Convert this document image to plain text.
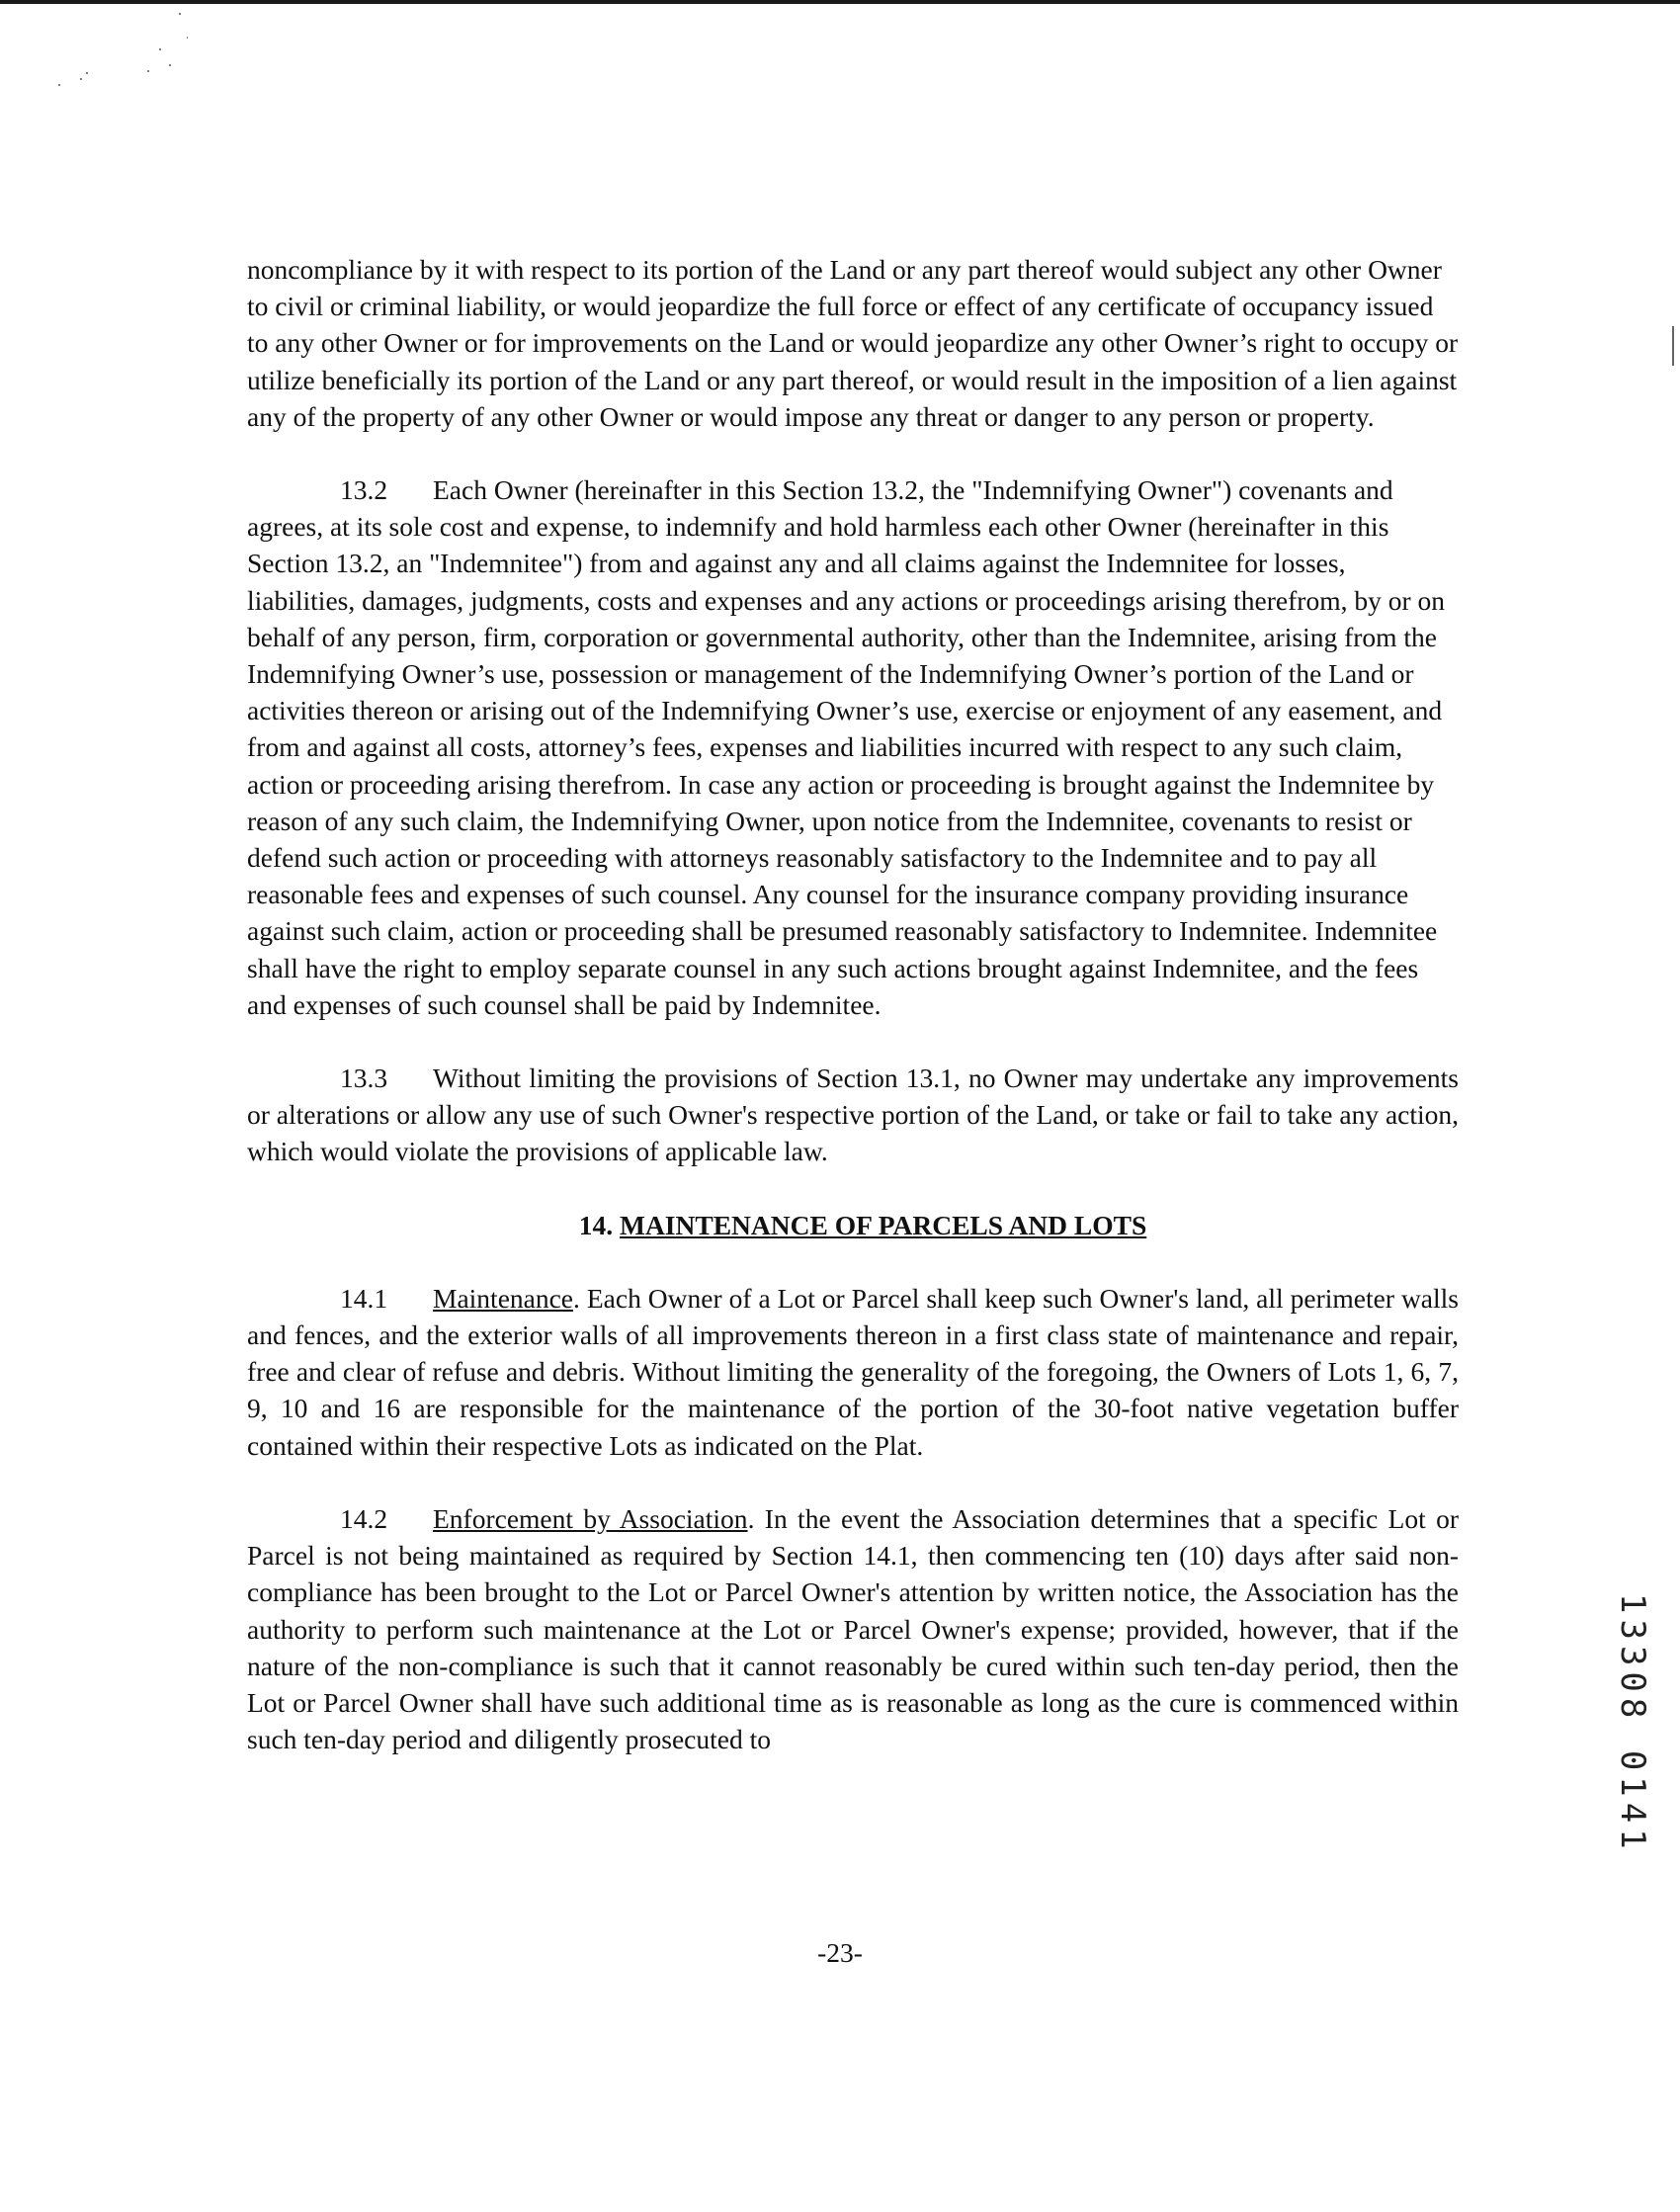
noncompliance by it with respect to its portion of the Land or any part thereof would subject any other Owner to civil or criminal liability, or would jeopardize the full force or effect of any certificate of occupancy issued to any other Owner or for improvements on the Land or would jeopardize any other Owner’s right to occupy or utilize beneficially its portion of the Land or any part thereof, or would result in the imposition of a lien against any of the property of any other Owner or would impose any threat or danger to any person or property.

13.2 Each Owner (hereinafter in this Section 13.2, the "Indemnifying Owner") covenants and agrees, at its sole cost and expense, to indemnify and hold harmless each other Owner (hereinafter in this Section 13.2, an "Indemnitee") from and against any and all claims against the Indemnitee for losses, liabilities, damages, judgments, costs and expenses and any actions or proceedings arising therefrom, by or on behalf of any person, firm, corporation or governmental authority, other than the Indemnitee, arising from the Indemnifying Owner’s use, possession or management of the Indemnifying Owner’s portion of the Land or activities thereon or arising out of the Indemnifying Owner’s use, exercise or enjoyment of any easement, and from and against all costs, attorney’s fees, expenses and liabilities incurred with respect to any such claim, action or proceeding arising therefrom. In case any action or proceeding is brought against the Indemnitee by reason of any such claim, the Indemnifying Owner, upon notice from the Indemnitee, covenants to resist or defend such action or proceeding with attorneys reasonably satisfactory to the Indemnitee and to pay all reasonable fees and expenses of such counsel. Any counsel for the insurance company providing insurance against such claim, action or proceeding shall be presumed reasonably satisfactory to Indemnitee. Indemnitee shall have the right to employ separate counsel in any such actions brought against Indemnitee, and the fees and expenses of such counsel shall be paid by Indemnitee.

13.3 Without limiting the provisions of Section 13.1, no Owner may undertake any improvements or alterations or allow any use of such Owner's respective portion of the Land, or take or fail to take any action, which would violate the provisions of applicable law.

14. MAINTENANCE OF PARCELS AND LOTS

14.1 Maintenance. Each Owner of a Lot or Parcel shall keep such Owner's land, all perimeter walls and fences, and the exterior walls of all improvements thereon in a first class state of maintenance and repair, free and clear of refuse and debris. Without limiting the generality of the foregoing, the Owners of Lots 1, 6, 7, 9, 10 and 16 are responsible for the maintenance of the portion of the 30-foot native vegetation buffer contained within their respective Lots as indicated on the Plat.

14.2 Enforcement by Association. In the event the Association determines that a specific Lot or Parcel is not being maintained as required by Section 14.1, then commencing ten (10) days after said non-compliance has been brought to the Lot or Parcel Owner's attention by written notice, the Association has the authority to perform such maintenance at the Lot or Parcel Owner's expense; provided, however, that if the nature of the non-compliance is such that it cannot reasonably be cured within such ten-day period, then the Lot or Parcel Owner shall have such additional time as is reasonable as long as the cure is commenced within such ten-day period and diligently prosecuted to

-23-
13308 0141
